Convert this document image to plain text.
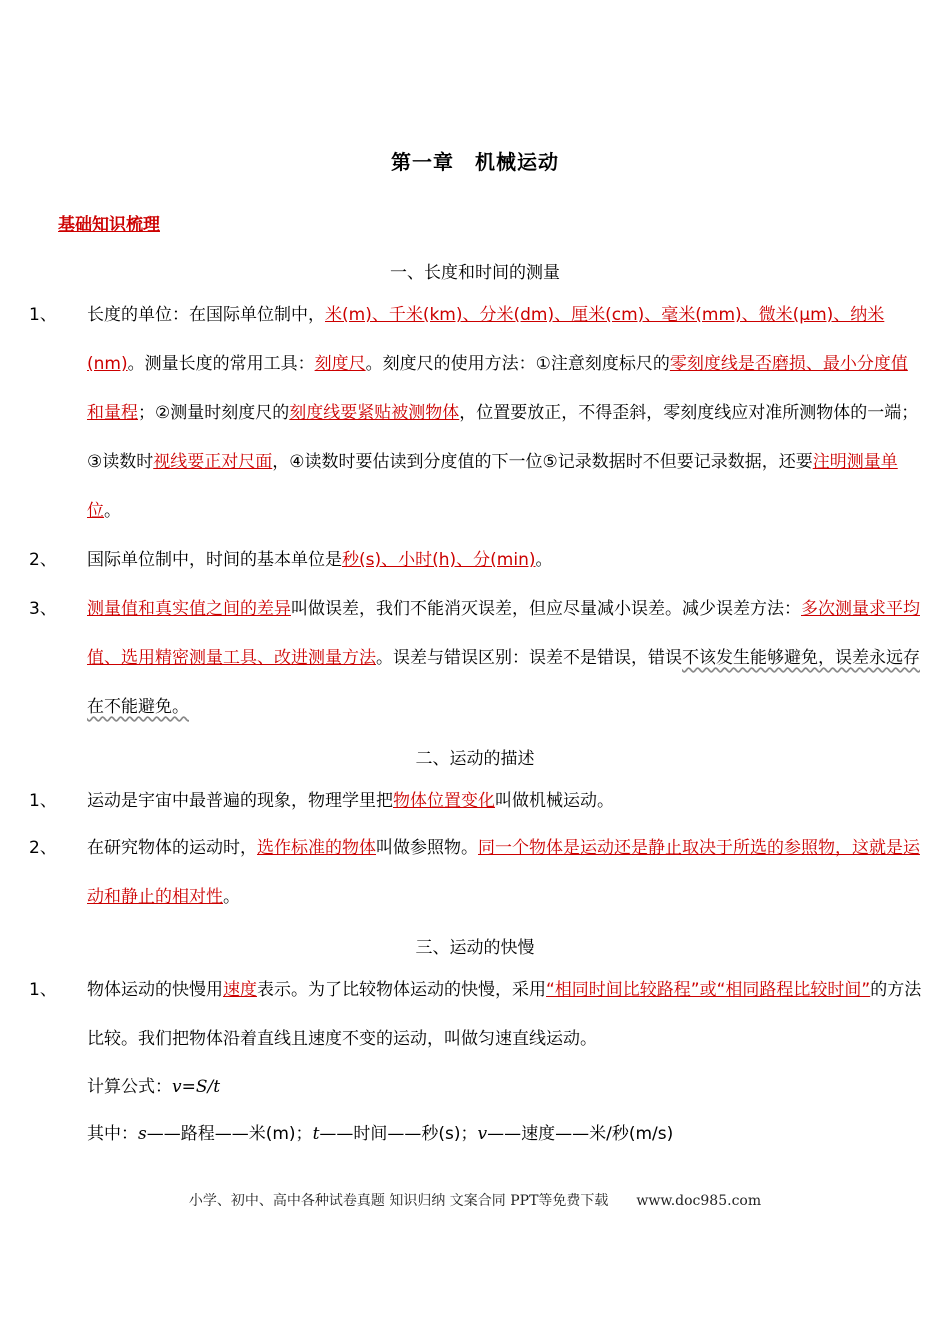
第一章　机械运动
基础知识梳理
一、长度和时间的测量
1、 长度的单位：在国际单位制中，米(m)、千米(km)、分米(dm)、厘米(cm)、毫米(mm)、微米(μm)、纳米(nm)。测量长度的常用工具：刻度尺。刻度尺的使用方法：①注意刻度标尺的零刻度线是否磨损、最小分度值和量程；②测量时刻度尺的刻度线要紧贴被测物体，位置要放正，不得歪斜，零刻度线应对准所测物体的一端；③读数时视线要正对尺面，④读数时要估读到分度值的下一位⑤记录数据时不但要记录数据，还要注明测量单位。
2、 国际单位制中，时间的基本单位是秒(s)、小时(h)、分(min)。
3、 测量值和真实值之间的差异叫做误差，我们不能消灭误差，但应尽量减小误差。减少误差方法：多次测量求平均值、选用精密测量工具、改进测量方法。误差与错误区别：误差不是错误，错误不该发生能够避免，误差永远存在不能避免。
二、运动的描述
1、 运动是宇宙中最普遍的现象，物理学里把物体位置变化叫做机械运动。
2、 在研究物体的运动时，选作标准的物体叫做参照物。同一个物体是运动还是静止取决于所选的参照物，这就是运动和静止的相对性。
三、运动的快慢
1、 物体运动的快慢用速度表示。为了比较物体运动的快慢，采用“相同时间比较路程”或“相同路程比较时间”的方法比较。我们把物体沿着直线且速度不变的运动，叫做匀速直线运动。
计算公式：v=S/t
其中：s——路程——米(m)；t——时间——秒(s)；v——速度——米/秒(m/s)
小学、初中、高中各种试卷真题 知识归纳 文案合同 PPT等免费下载 www.doc985.com
